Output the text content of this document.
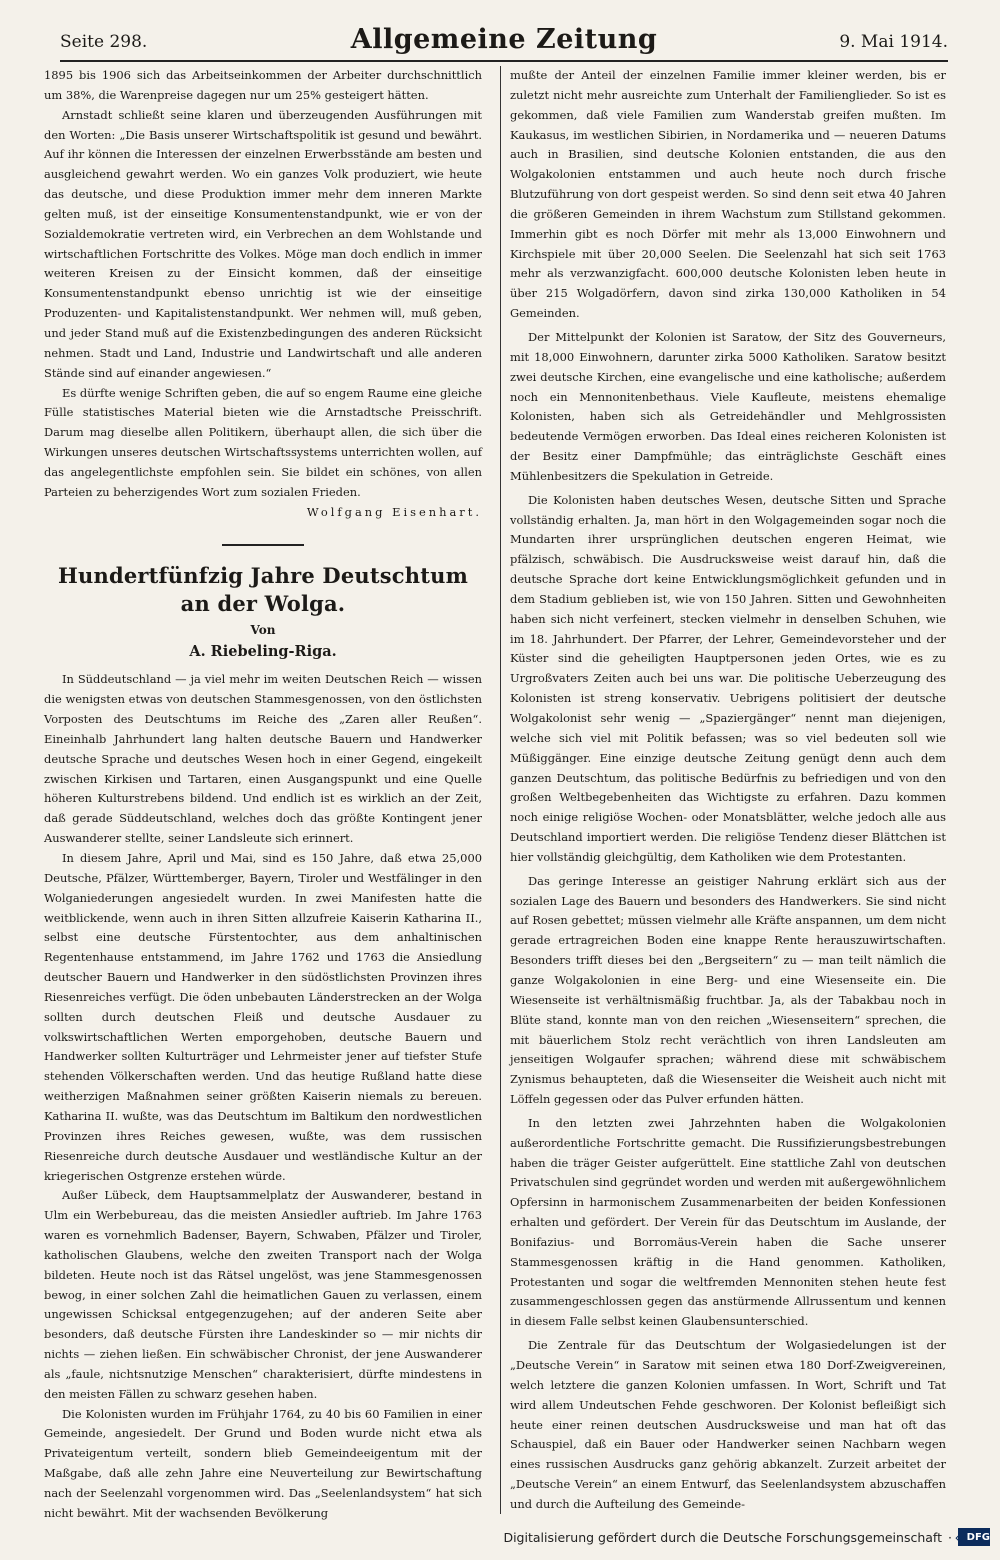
Seite 298.	Allgemeine Zeitung	9. Mai 1914.

1895 bis 1906 sich das Arbeitseinkommen der Arbeiter durchschnittlich um 38%, die Warenpreise dagegen nur um 25% gesteigert hätten.

Arnstadt schließt seine klaren und überzeugenden Ausführungen mit den Worten: „Die Basis unserer Wirtschaftspolitik ist gesund und bewährt. Auf ihr können die Interessen der einzelnen Erwerbsstände am besten und ausgleichend gewahrt werden. Wo ein ganzes Volk produziert, wie heute das deutsche, und diese Produktion immer mehr dem inneren Markte gelten muß, ist der einseitige Konsumentenstandpunkt, wie er von der Sozialdemokratie vertreten wird, ein Verbrechen an dem Wohlstande und wirtschaftlichen Fortschritte des Volkes. Möge man doch endlich in immer weiteren Kreisen zu der Einsicht kommen, daß der einseitige Konsumentenstandpunkt ebenso unrichtig ist wie der einseitige Produzenten- und Kapitalistenstandpunkt. Wer nehmen will, muß geben, und jeder Stand muß auf die Existenzbedingungen des anderen Rücksicht nehmen. Stadt und Land, Industrie und Landwirtschaft und alle anderen Stände sind auf einander angewiesen.“

Es dürfte wenige Schriften geben, die auf so engem Raume eine gleiche Fülle statistisches Material bieten wie die Arnstadtsche Preisschrift. Darum mag dieselbe allen Politikern, überhaupt allen, die sich über die Wirkungen unseres deutschen Wirtschaftssystems unterrichten wollen, auf das angelegentlichste empfohlen sein. Sie bildet ein schönes, von allen Parteien zu beherzigendes Wort zum sozialen Frieden.

Wolfgang Eisenhart.
Hundertfünfzig Jahre Deutschtum an der Wolga.
Von
A. Riebeling-Riga.

In Süddeutschland — ja viel mehr im weiten Deutschen Reich — wissen die wenigsten etwas von deutschen Stammesgenossen, von den östlichsten Vorposten des Deutschtums im Reiche des „Zaren aller Reußen“. Eineinhalb Jahrhundert lang halten deutsche Bauern und Handwerker deutsche Sprache und deutsches Wesen hoch in einer Gegend, eingekeilt zwischen Kirkisen und Tartaren, einen Ausgangspunkt und eine Quelle höheren Kulturstrebens bildend. Und endlich ist es wirklich an der Zeit, daß gerade Süddeutschland, welches doch das größte Kontingent jener Auswanderer stellte, seiner Landsleute sich erinnert.

In diesem Jahre, April und Mai, sind es 150 Jahre, daß etwa 25,000 Deutsche, Pfälzer, Württemberger, Bayern, Tiroler und Westfälinger in den Wolganiederungen angesiedelt wurden. In zwei Manifesten hatte die weitblickende, wenn auch in ihren Sitten allzufreie Kaiserin Katharina II., selbst eine deutsche Fürstentochter, aus dem anhaltinischen Regentenhause entstammend, im Jahre 1762 und 1763 die Ansiedlung deutscher Bauern und Handwerker in den südöstlichsten Provinzen ihres Riesenreiches verfügt. Die öden unbebauten Länderstrecken an der Wolga sollten durch deutschen Fleiß und deutsche Ausdauer zu volkswirtschaftlichen Werten emporgehoben, deutsche Bauern und Handwerker sollten Kulturträger und Lehrmeister jener auf tiefster Stufe stehenden Völkerschaften werden. Und das heutige Rußland hatte diese weitherzigen Maßnahmen seiner größten Kaiserin niemals zu bereuen. Katharina II. wußte, was das Deutschtum im Baltikum den nordwestlichen Provinzen ihres Reiches gewesen, wußte, was dem russischen Riesenreiche durch deutsche Ausdauer und westländische Kultur an der kriegerischen Ostgrenze erstehen würde.

Außer Lübeck, dem Hauptsammelplatz der Auswanderer, bestand in Ulm ein Werbebureau, das die meisten Ansiedler auftrieb. Im Jahre 1763 waren es vornehmlich Badenser, Bayern, Schwaben, Pfälzer und Tiroler, katholischen Glaubens, welche den zweiten Transport nach der Wolga bildeten. Heute noch ist das Rätsel ungelöst, was jene Stammesgenossen bewog, in einer solchen Zahl die heimatlichen Gauen zu verlassen, einem ungewissen Schicksal entgegenzugehen; auf der anderen Seite aber besonders, daß deutsche Fürsten ihre Landeskinder so — mir nichts dir nichts — ziehen ließen. Ein schwäbischer Chronist, der jene Auswanderer als „faule, nichtsnutzige Menschen“ charakterisiert, dürfte mindestens in den meisten Fällen zu schwarz gesehen haben.

Die Kolonisten wurden im Frühjahr 1764, zu 40 bis 60 Familien in einer Gemeinde, angesiedelt. Der Grund und Boden wurde nicht etwa als Privateigentum verteilt, sondern blieb Gemeindeeigentum mit der Maßgabe, daß alle zehn Jahre eine Neuverteilung zur Bewirtschaftung nach der Seelenzahl vorgenommen wird. Das „Seelenlandsystem“ hat sich nicht bewährt. Mit der wachsenden Bevölkerung

mußte der Anteil der einzelnen Familie immer kleiner werden, bis er zuletzt nicht mehr ausreichte zum Unterhalt der Familienglieder. So ist es gekommen, daß viele Familien zum Wanderstab greifen mußten. Im Kaukasus, im westlichen Sibirien, in Nordamerika und — neueren Datums auch in Brasilien, sind deutsche Kolonien entstanden, die aus den Wolgakolonien entstammen und auch heute noch durch frische Blutzuführung von dort gespeist werden. So sind denn seit etwa 40 Jahren die größeren Gemeinden in ihrem Wachstum zum Stillstand gekommen. Immerhin gibt es noch Dörfer mit mehr als 13,000 Einwohnern und Kirchspiele mit über 20,000 Seelen. Die Seelenzahl hat sich seit 1763 mehr als verzwanzigfacht. 600,000 deutsche Kolonisten leben heute in über 215 Wolgadörfern, davon sind zirka 130,000 Katholiken in 54 Gemeinden.

Der Mittelpunkt der Kolonien ist Saratow, der Sitz des Gouverneurs, mit 18,000 Einwohnern, darunter zirka 5000 Katholiken. Saratow besitzt zwei deutsche Kirchen, eine evangelische und eine katholische; außerdem noch ein Mennonitenbethaus. Viele Kaufleute, meistens ehemalige Kolonisten, haben sich als Getreidehändler und Mehlgrossisten bedeutende Vermögen erworben. Das Ideal eines reicheren Kolonisten ist der Besitz einer Dampfmühle; das einträglichste Geschäft eines Mühlenbesitzers die Spekulation in Getreide.

Die Kolonisten haben deutsches Wesen, deutsche Sitten und Sprache vollständig erhalten. Ja, man hört in den Wolgagemeinden sogar noch die Mundarten ihrer ursprünglichen deutschen engeren Heimat, wie pfälzisch, schwäbisch. Die Ausdrucksweise weist darauf hin, daß die deutsche Sprache dort keine Entwicklungsmöglichkeit gefunden und in dem Stadium geblieben ist, wie von 150 Jahren. Sitten und Gewohnheiten haben sich nicht verfeinert, stecken vielmehr in denselben Schuhen, wie im 18. Jahrhundert. Der Pfarrer, der Lehrer, Gemeindevorsteher und der Küster sind die geheiligten Hauptpersonen jeden Ortes, wie es zu Urgroßvaters Zeiten auch bei uns war. Die politische Ueberzeugung des Kolonisten ist streng konservativ. Uebrigens politisiert der deutsche Wolgakolonist sehr wenig — „Spaziergänger“ nennt man diejenigen, welche sich viel mit Politik befassen; was so viel bedeuten soll wie Müßiggänger. Eine einzige deutsche Zeitung genügt denn auch dem ganzen Deutschtum, das politische Bedürfnis zu befriedigen und von den großen Weltbegebenheiten das Wichtigste zu erfahren. Dazu kommen noch einige religiöse Wochen- oder Monatsblätter, welche jedoch alle aus Deutschland importiert werden. Die religiöse Tendenz dieser Blättchen ist hier vollständig gleichgültig, dem Katholiken wie dem Protestanten.

Das geringe Interesse an geistiger Nahrung erklärt sich aus der sozialen Lage des Bauern und besonders des Handwerkers. Sie sind nicht auf Rosen gebettet; müssen vielmehr alle Kräfte anspannen, um dem nicht gerade ertragreichen Boden eine knappe Rente herauszuwirtschaften. Besonders trifft dieses bei den „Bergseitern“ zu — man teilt nämlich die ganze Wolgakolonien in eine Berg- und eine Wiesenseite ein. Die Wiesenseite ist verhältnismäßig fruchtbar. Ja, als der Tabakbau noch in Blüte stand, konnte man von den reichen „Wiesenseitern“ sprechen, die mit bäuerlichem Stolz recht verächtlich von ihren Landsleuten am jenseitigen Wolgaufer sprachen; während diese mit schwäbischem Zynismus behaupteten, daß die Wiesenseiter die Weisheit auch nicht mit Löffeln gegessen oder das Pulver erfunden hätten.

In den letzten zwei Jahrzehnten haben die Wolgakolonien außerordentliche Fortschritte gemacht. Die Russifizierungsbestrebungen haben die träger Geister aufgerüttelt. Eine stattliche Zahl von deutschen Privatschulen sind gegründet worden und werden mit außergewöhnlichem Opfersinn in harmonischem Zusammenarbeiten der beiden Konfessionen erhalten und gefördert. Der Verein für das Deutschtum im Auslande, der Bonifazius- und Borromäus-Verein haben die Sache unserer Stammesgenossen kräftig in die Hand genommen. Katholiken, Protestanten und sogar die weltfremden Mennoniten stehen heute fest zusammengeschlossen gegen das anstürmende Allrussentum und kennen in diesem Falle selbst keinen Glaubensunterschied.

Die Zentrale für das Deutschtum der Wolgasiedelungen ist der „Deutsche Verein“ in Saratow mit seinen etwa 180 Dorf-Zweigvereinen, welch letztere die ganzen Kolonien umfassen. In Wort, Schrift und Tat wird allem Undeutschen Fehde geschworen. Der Kolonist befleißigt sich heute einer reinen deutschen Ausdrucksweise und man hat oft das Schauspiel, daß ein Bauer oder Handwerker seinen Nachbarn wegen eines russischen Ausdrucks ganz gehörig abkanzelt. Zurzeit arbeitet der „Deutsche Verein“ an einem Entwurf, das Seelenlandsystem abzuschaffen und durch die Aufteilung des Gemeinde-

Digitalisierung gefördert durch die Deutsche Forschungsgemeinschaft · DFG
